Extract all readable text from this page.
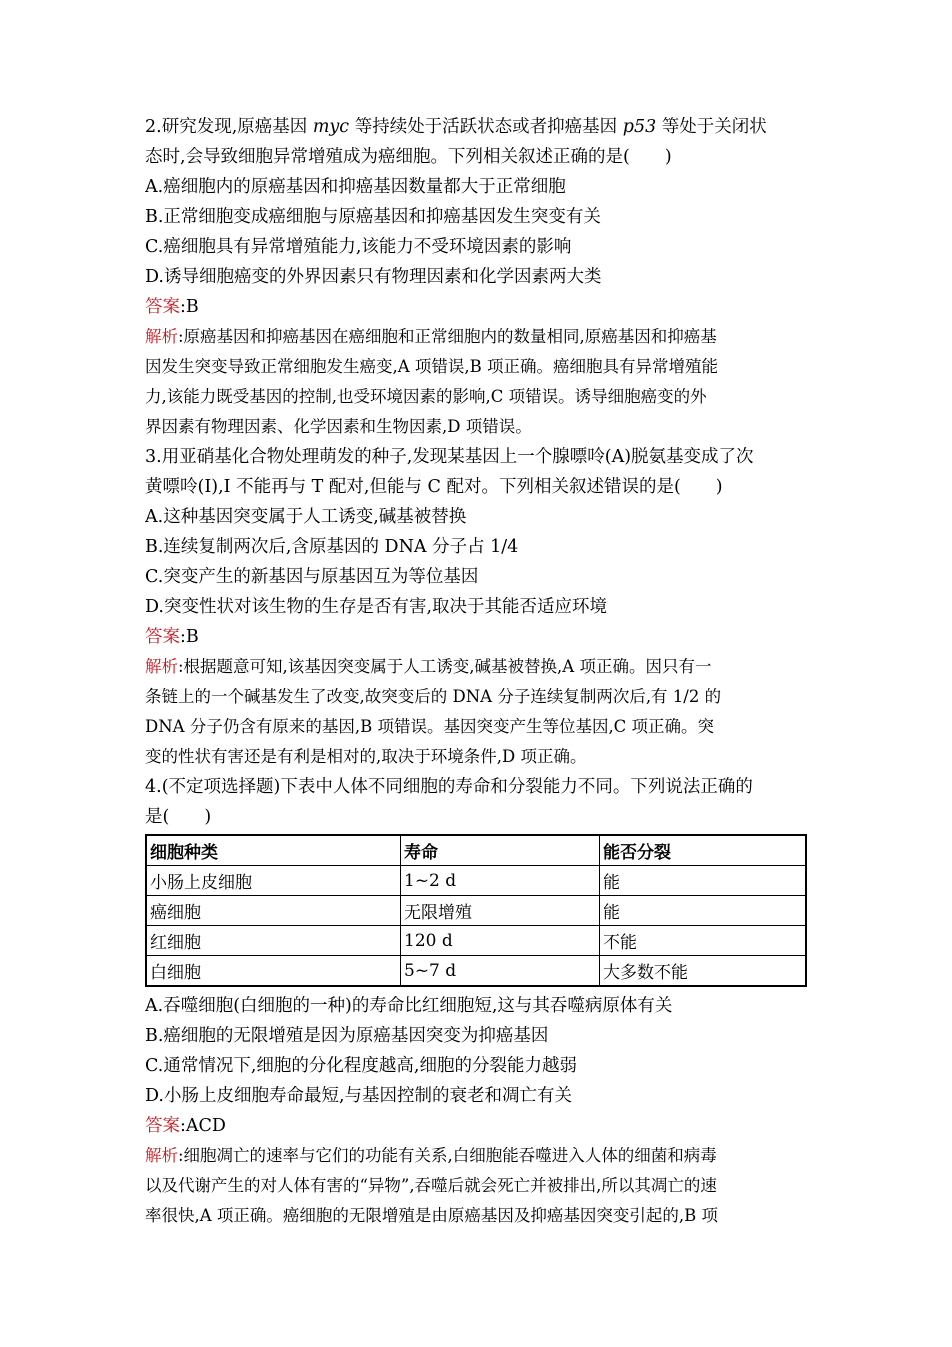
2.研究发现,原癌基因 myc 等持续处于活跃状态或者抑癌基因 p53 等处于关闭状
态时,会导致细胞异常增殖成为癌细胞。下列相关叙述正确的是(　　)
A.癌细胞内的原癌基因和抑癌基因数量都大于正常细胞
B.正常细胞变成癌细胞与原癌基因和抑癌基因发生突变有关
C.癌细胞具有异常增殖能力,该能力不受环境因素的影响
D.诱导细胞癌变的外界因素只有物理因素和化学因素两大类
答案:B
解析:原癌基因和抑癌基因在癌细胞和正常细胞内的数量相同,原癌基因和抑癌基
因发生突变导致正常细胞发生癌变,A 项错误,B 项正确。癌细胞具有异常增殖能
力,该能力既受基因的控制,也受环境因素的影响,C 项错误。诱导细胞癌变的外
界因素有物理因素、化学因素和生物因素,D 项错误。
3.用亚硝基化合物处理萌发的种子,发现某基因上一个腺嘌呤(A)脱氨基变成了次
黄嘌呤(I),I 不能再与 T 配对,但能与 C 配对。下列相关叙述错误的是(　　)
A.这种基因突变属于人工诱变,碱基被替换
B.连续复制两次后,含原基因的 DNA 分子占 1/4
C.突变产生的新基因与原基因互为等位基因
D.突变性状对该生物的生存是否有害,取决于其能否适应环境
答案:B
解析:根据题意可知,该基因突变属于人工诱变,碱基被替换,A 项正确。因只有一
条链上的一个碱基发生了改变,故突变后的 DNA 分子连续复制两次后,有 1/2 的
DNA 分子仍含有原来的基因,B 项错误。基因突变产生等位基因,C 项正确。突
变的性状有害还是有利是相对的,取决于环境条件,D 项正确。
4.(不定项选择题)下表中人体不同细胞的寿命和分裂能力不同。下列说法正确的
是(　　)
细胞种类	寿命	能否分裂
小肠上皮细胞	1~2 d	能
癌细胞	无限增殖	能
红细胞	120 d	不能
白细胞	5~7 d	大多数不能
A.吞噬细胞(白细胞的一种)的寿命比红细胞短,这与其吞噬病原体有关
B.癌细胞的无限增殖是因为原癌基因突变为抑癌基因
C.通常情况下,细胞的分化程度越高,细胞的分裂能力越弱
D.小肠上皮细胞寿命最短,与基因控制的衰老和凋亡有关
答案:ACD
解析:细胞凋亡的速率与它们的功能有关系,白细胞能吞噬进入人体的细菌和病毒
以及代谢产生的对人体有害的“异物”,吞噬后就会死亡并被排出,所以其凋亡的速
率很快,A 项正确。癌细胞的无限增殖是由原癌基因及抑癌基因突变引起的,B 项
